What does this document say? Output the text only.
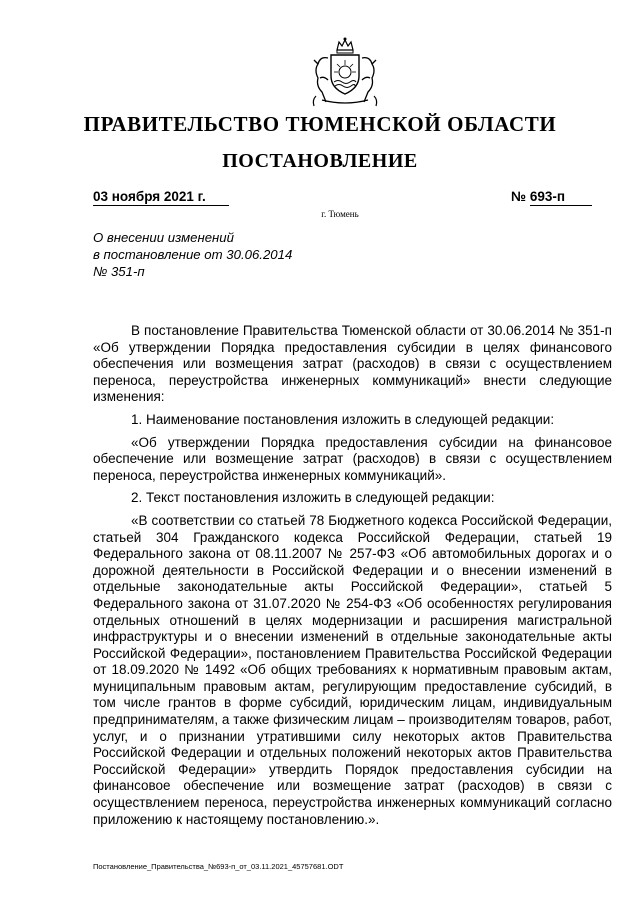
ПРАВИТЕЛЬСТВО ТЮМЕНСКОЙ ОБЛАСТИ
ПОСТАНОВЛЕНИЕ
03 ноября 2021 г.	№ 693-п
г. Тюмень
О внесении изменений
в постановление от 30.06.2014
№ 351-п

В постановление Правительства Тюменской области от 30.06.2014 № 351-п «Об утверждении Порядка предоставления субсидии в целях финансового обеспечения или возмещения затрат (расходов) в связи с осуществлением переноса, переустройства инженерных коммуникаций» внести следующие изменения:

1. Наименование постановления изложить в следующей редакции:

«Об утверждении Порядка предоставления субсидии на финансовое обеспечение или возмещение затрат (расходов) в связи с осуществлением переноса, переустройства инженерных коммуникаций».

2. Текст постановления изложить в следующей редакции:

«В соответствии со статьей 78 Бюджетного кодекса Российской Федерации, статьей 304 Гражданского кодекса Российской Федерации, статьей 19 Федерального закона от 08.11.2007 № 257-ФЗ «Об автомобильных дорогах и о дорожной деятельности в Российской Федерации и о внесении изменений в отдельные законодательные акты Российской Федерации», статьей 5 Федерального закона от 31.07.2020 № 254-ФЗ «Об особенностях регулирования отдельных отношений в целях модернизации и расширения магистральной инфраструктуры и о внесении изменений в отдельные законодательные акты Российской Федерации», постановлением Правительства Российской Федерации от 18.09.2020 № 1492 «Об общих требованиях к нормативным правовым актам, муниципальным правовым актам, регулирующим предоставление субсидий, в том числе грантов в форме субсидий, юридическим лицам, индивидуальным предпринимателям, а также физическим лицам – производителям товаров, работ, услуг, и о признании утратившими силу некоторых актов Правительства Российской Федерации и отдельных положений некоторых актов Правительства Российской Федерации» утвердить Порядок предоставления субсидии на финансовое обеспечение или возмещение затрат (расходов) в связи с осуществлением переноса, переустройства инженерных коммуникаций согласно приложению к настоящему постановлению.».

Постановление_Правительства_№693-п_от_03.11.2021_45757681.ODT
